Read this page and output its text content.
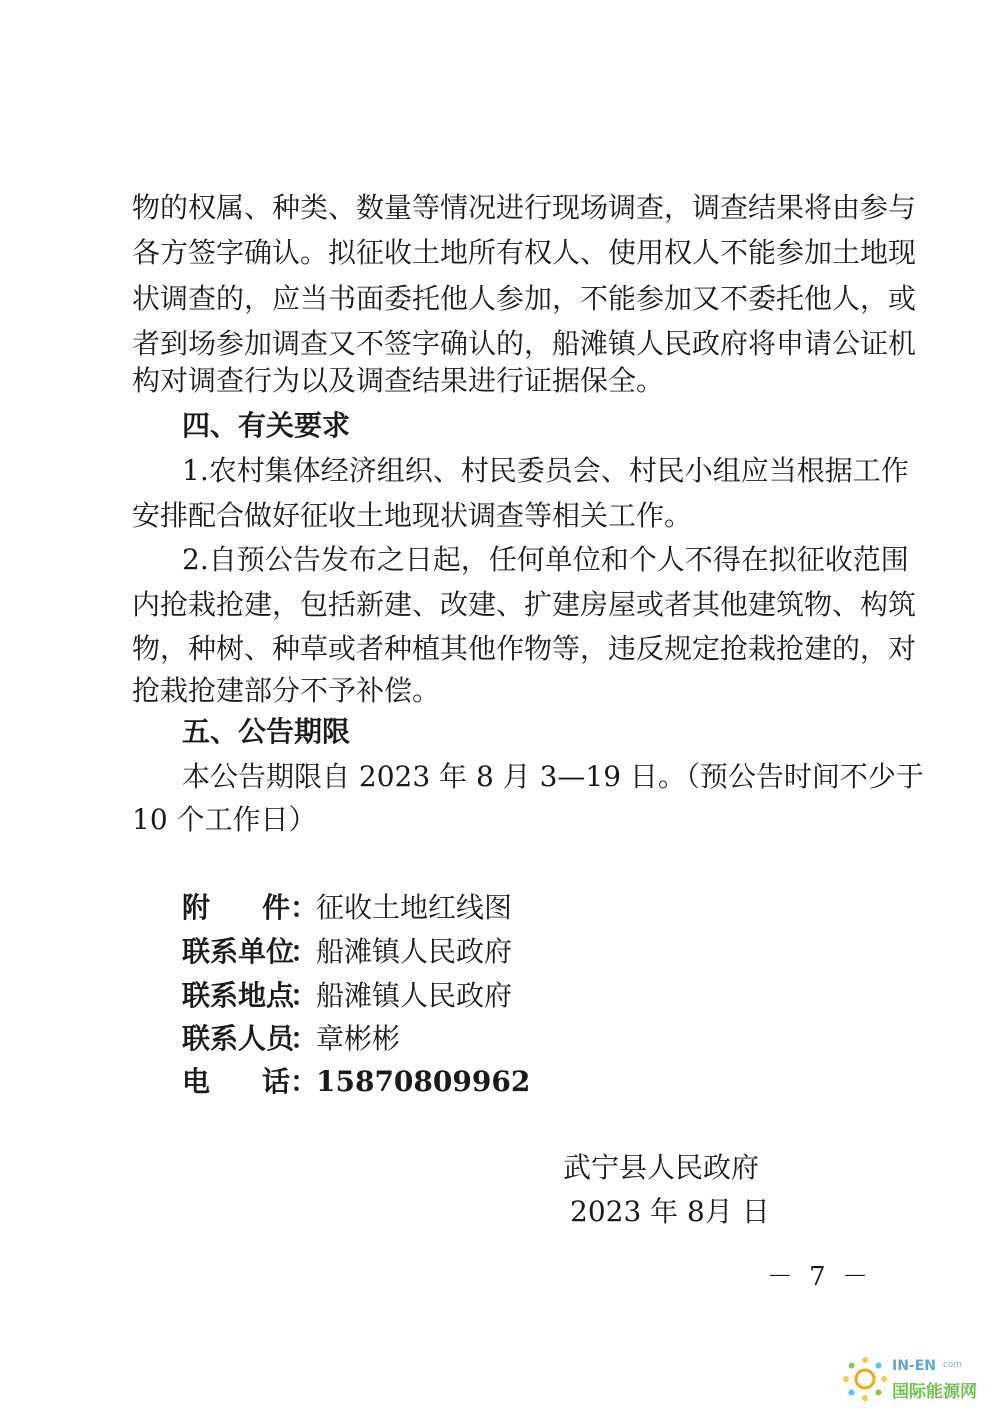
物的权属、种类、数量等情况进行现场调查，调查结果将由参与
各方签字确认。拟征收土地所有权人、使用权人不能参加土地现
状调查的，应当书面委托他人参加，不能参加又不委托他人，或
者到场参加调查又不签字确认的，船滩镇人民政府将申请公证机
构对调查行为以及调查结果进行证据保全。
四、有关要求
1.农村集体经济组织、村民委员会、村民小组应当根据工作
安排配合做好征收土地现状调查等相关工作。
2.自预公告发布之日起，任何单位和个人不得在拟征收范围
内抢栽抢建，包括新建、改建、扩建房屋或者其他建筑物、构筑
物，种树、种草或者种植其他作物等，违反规定抢栽抢建的，对
抢栽抢建部分不予补偿。
五、公告期限
本公告期限自 2023 年 8 月 3—19 日。（预公告时间不少于
10 个工作日）
附件：征收土地红线图
联系单位：船滩镇人民政府
联系地点：船滩镇人民政府
联系人员：章彬彬
电话：15870809962
武宁县人民政府
2023 年 8月 日
－ 7 －
IN-EN .com
国际能源网
